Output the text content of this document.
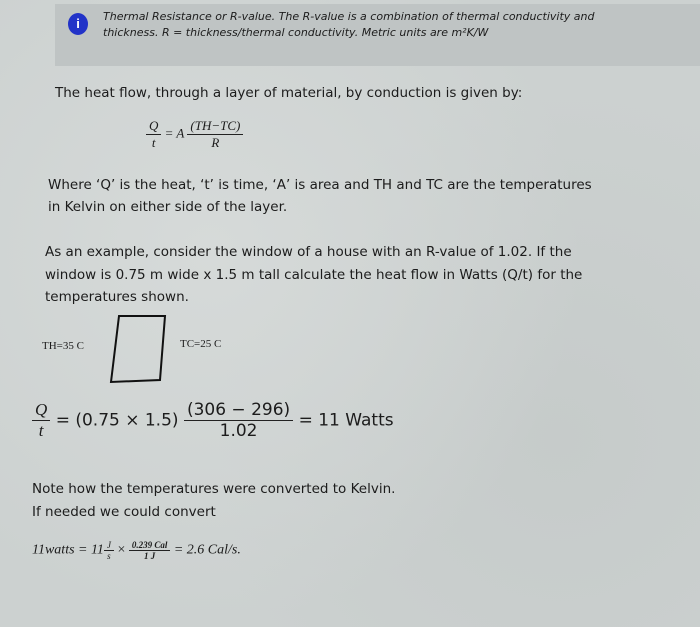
i	Thermal Resistance or R-value. The R-value is a combination of thermal conductivity and
thickness. R = thickness/thermal conductivity. Metric units are m²K/W
The heat flow, through a layer of material, by conduction is given by:
$\frac{Q}{t} = A \frac{(TH-TC)}{R}$
Where ‘Q’ is the heat, ‘t’ is time, ‘A’ is area and TH and TC are the temperatures
in Kelvin on either side of the layer.
As an example, consider the window of a house with an R-value of 1.02. If the
window is 0.75 m wide x 1.5 m tall calculate the heat flow in Watts (Q/t) for the
temperatures shown.
TH=35 C	TC=25 C
$\frac{Q}{t} = (0.75 \times 1.5) \frac{(306 - 296)}{1.02} = 11$ Watts
Note how the temperatures were converted to Kelvin.
If needed we could convert
11watts = $11 \frac{J}{s} \times \frac{\text{0.239 Cal}}{1 J} = 2.6$ Cal/s.
